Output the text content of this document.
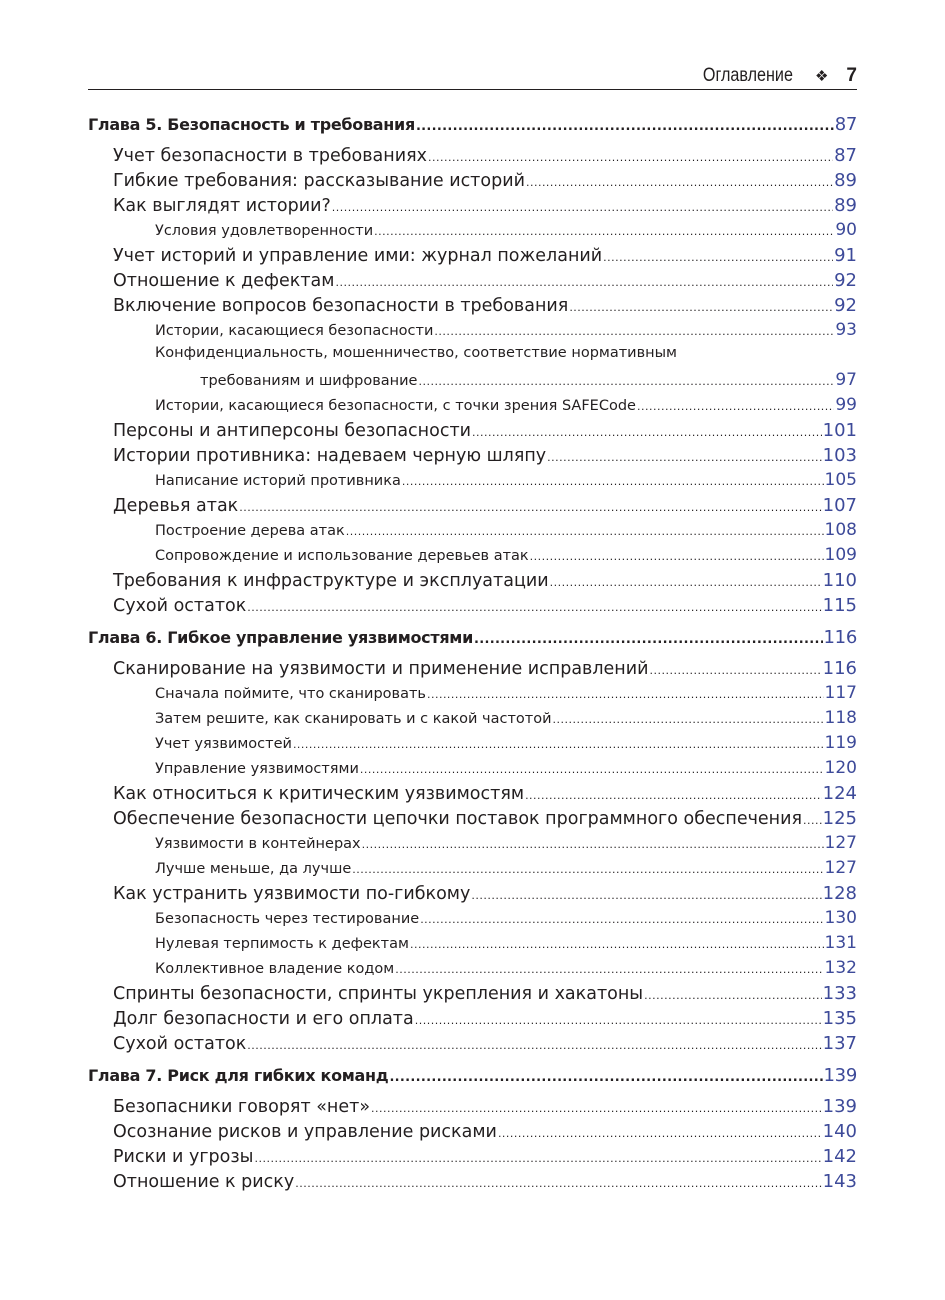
Оглавление ❖ 7
Глава 5. Безопасность и требования .....	87
Учет безопасности в требованиях .....	87
Гибкие требования: рассказывание историй .....	89
Как выглядят истории? .....	89
Условия удовлетворенности .....	90
Учет историй и управление ими: журнал пожеланий .....	91
Отношение к дефектам .....	92
Включение вопросов безопасности в требования .....	92
Истории, касающиеся безопасности .....	93
Конфиденциальность, мошенничество, соответствие нормативным
требованиям и шифрование .....	97
Истории, касающиеся безопасности, с точки зрения SAFECode .....	99
Персоны и антиперсоны безопасности .....	101
Истории противника: надеваем черную шляпу .....	103
Написание историй противника .....	105
Деревья атак .....	107
Построение дерева атак .....	108
Сопровождение и использование деревьев атак .....	109
Требования к инфраструктуре и эксплуатации .....	110
Сухой остаток .....	115
Глава 6. Гибкое управление уязвимостями .....	116
Сканирование на уязвимости и применение исправлений .....	116
Сначала поймите, что сканировать .....	117
Затем решите, как сканировать и с какой частотой .....	118
Учет уязвимостей .....	119
Управление уязвимостями .....	120
Как относиться к критическим уязвимостям .....	124
Обеспечение безопасности цепочки поставок программного обеспечения ..... 125
Уязвимости в контейнерах .....	127
Лучше меньше, да лучше .....	127
Как устранить уязвимости по-гибкому .....	128
Безопасность через тестирование .....	130
Нулевая терпимость к дефектам .....	131
Коллективное владение кодом .....	132
Спринты безопасности, спринты укрепления и хакатоны .....	133
Долг безопасности и его оплата .....	135
Сухой остаток .....	137
Глава 7. Риск для гибких команд .....	139
Безопасники говорят «нет» .....	139
Осознание рисков и управление рисками .....	140
Риски и угрозы .....	142
Отношение к риску .....	143
